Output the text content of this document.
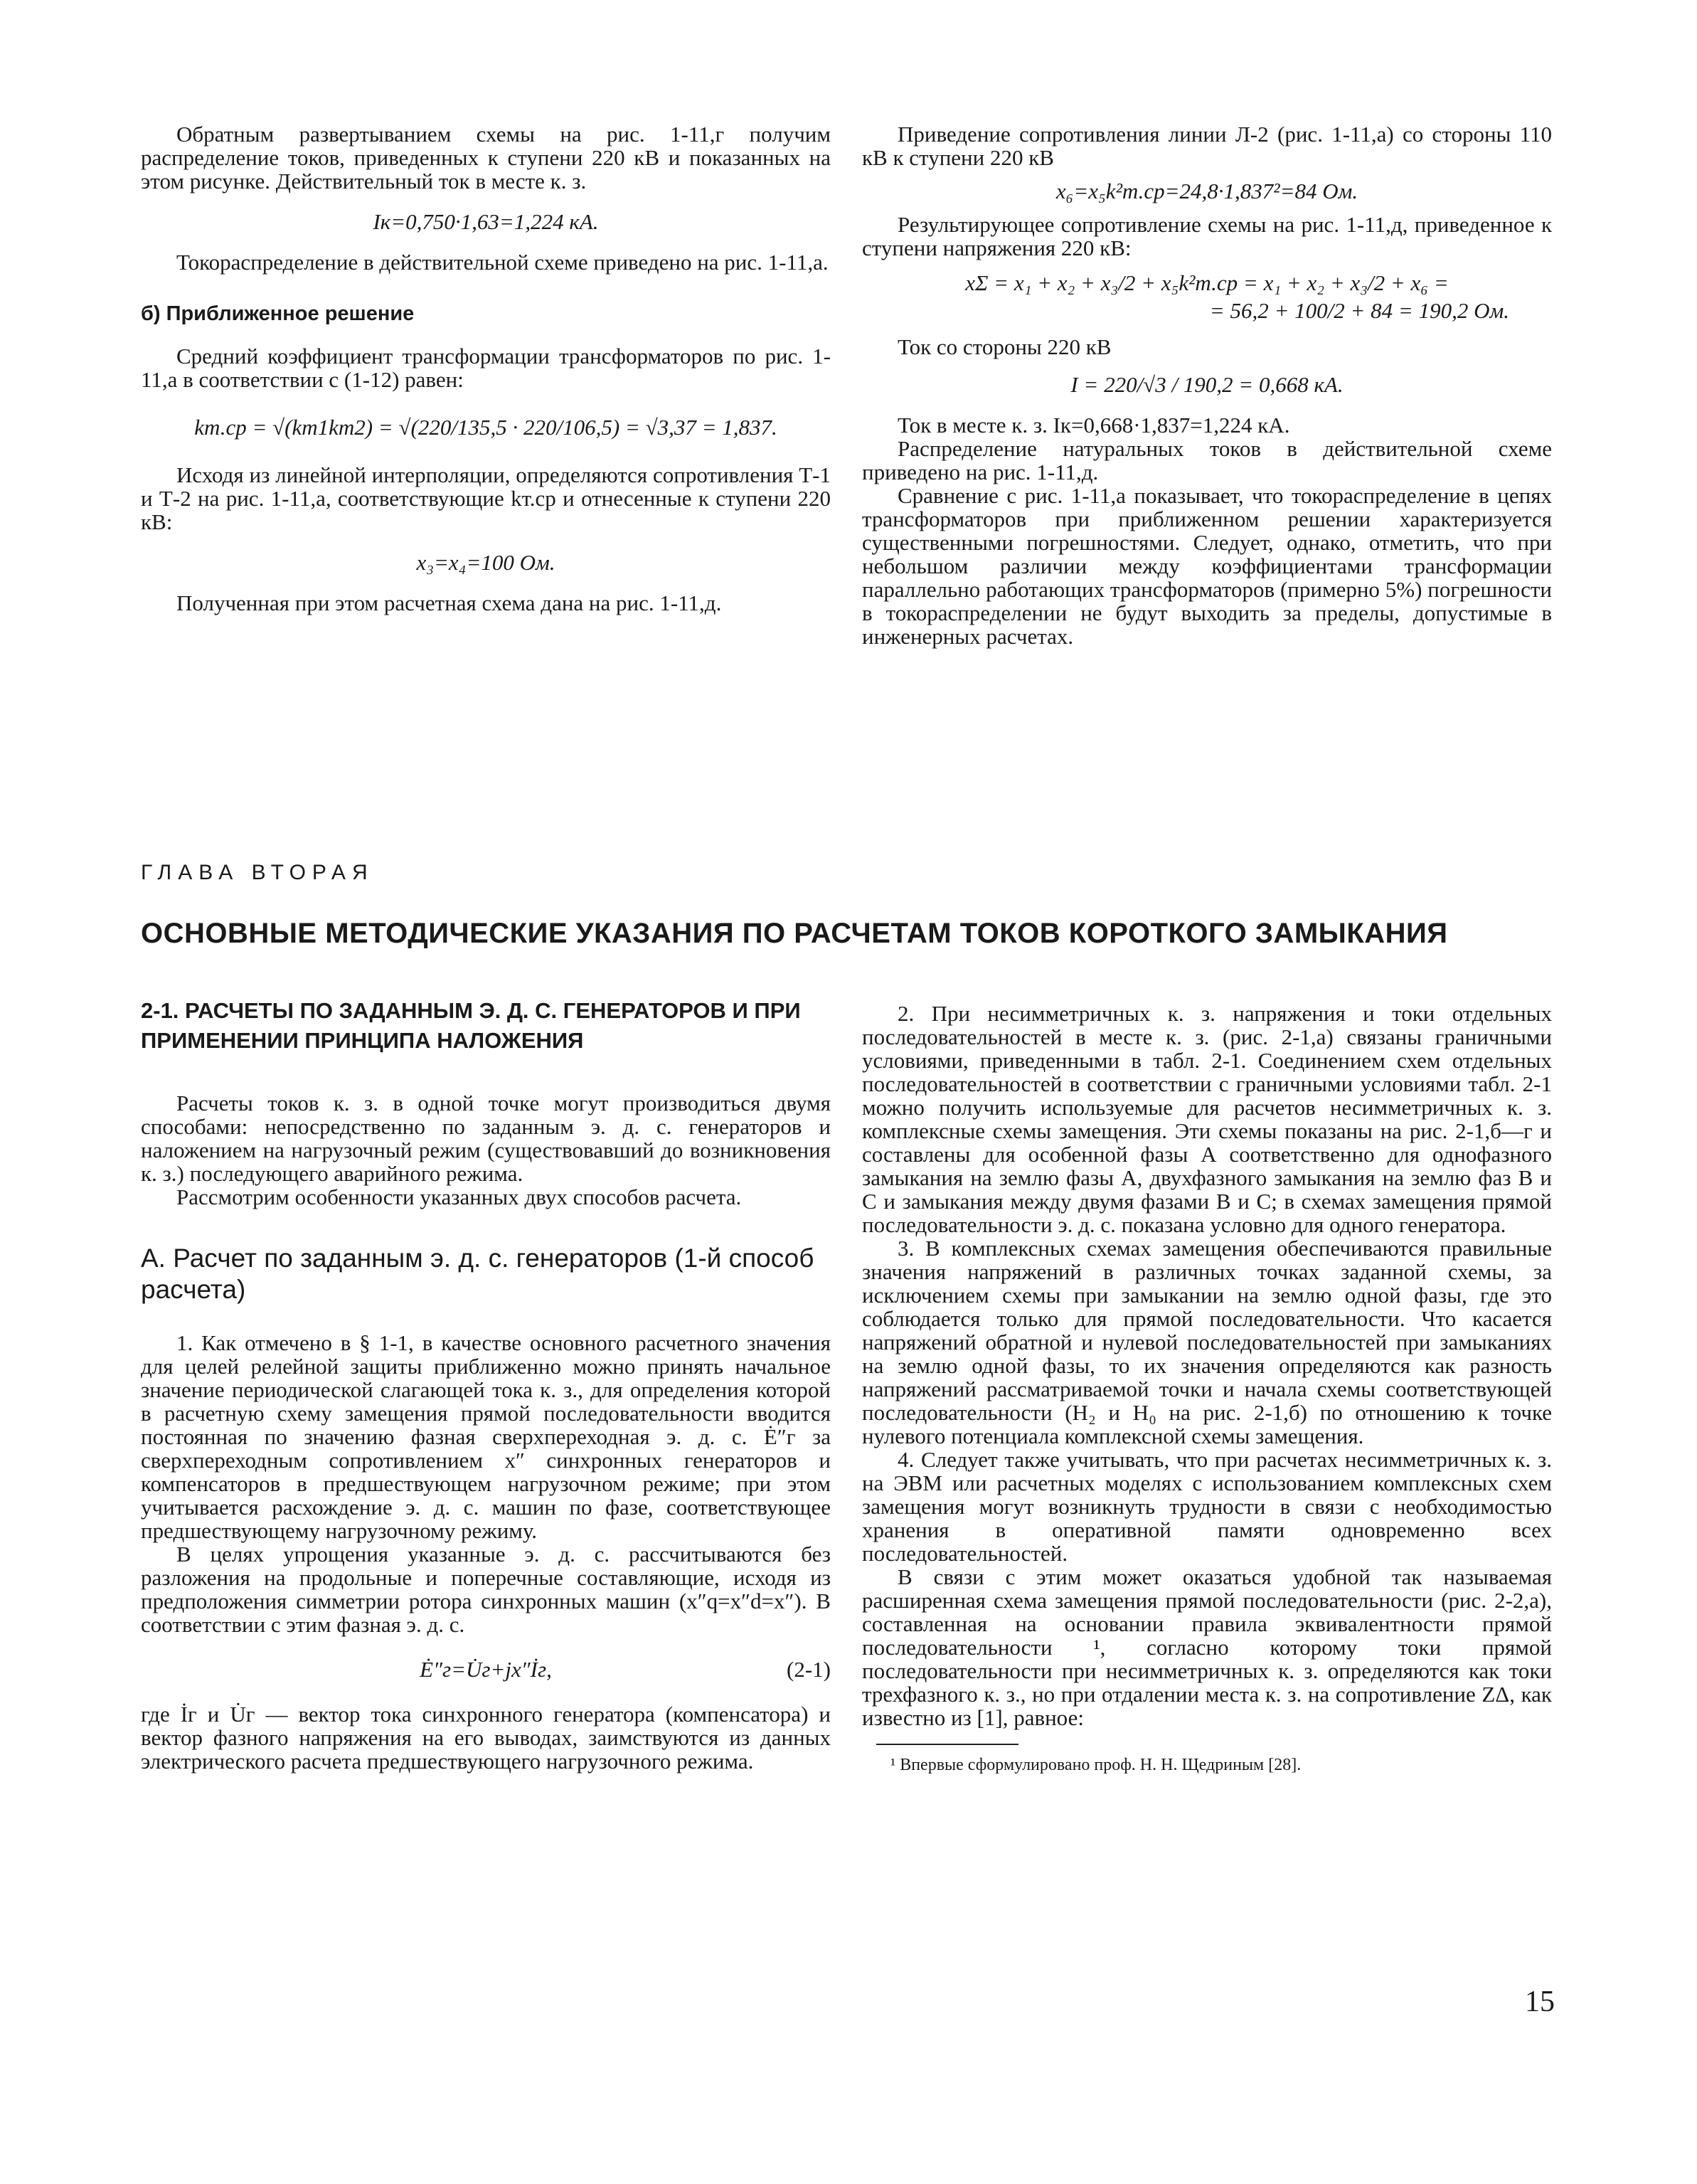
Обратным развертыванием схемы на рис. 1-11,г получим распределение токов, приведенных к ступени 220 кВ и показанных на этом рисунке. Действительный ток в месте к. з.

Iк=0,750·1,63=1,224 кА.

Токораспределение в действительной схеме приведено на рис. 1-11,а.

б) Приближенное решение

Средний коэффициент трансформации трансформаторов по рис. 1-11,а в соответствии с (1-12) равен:

kт.ср = √(kт1kт2) = √(220/135,5 · 220/106,5) = √3,37 = 1,837.

Исходя из линейной интерполяции, определяются сопротивления Т-1 и Т-2 на рис. 1-11,а, соответствующие kт.ср и отнесенные к ступени 220 кВ:

x₃=x₄=100 Ом.

Полученная при этом расчетная схема дана на рис. 1-11,д.

Приведение сопротивления линии Л-2 (рис. 1-11,а) со стороны 110 кВ к ступени 220 кВ

x₆=x₅k²т.ср=24,8·1,837²=84 Ом.

Результирующее сопротивление схемы на рис. 1-11,д, приведенное к ступени напряжения 220 кВ:

xΣ = x₁ + x₂ + x₃/2 + x₅k²т.ср = x₁ + x₂ + x₃/2 + x₆ =
= 56,2 + 100/2 + 84 = 190,2 Ом.

Ток со стороны 220 кВ

I = 220/√3 / 190,2 = 0,668 кА.

Ток в месте к. з. Iк=0,668·1,837=1,224 кА.

Распределение натуральных токов в действительной схеме приведено на рис. 1-11,д.

Сравнение с рис. 1-11,а показывает, что токораспределение в цепях трансформаторов при приближенном решении характеризуется существенными погрешностями. Следует, однако, отметить, что при небольшом различии между коэффициентами трансформации параллельно работающих трансформаторов (примерно 5%) погрешности в токораспределении не будут выходить за пределы, допустимые в инженерных расчетах.

ГЛАВА ВТОРАЯ
ОСНОВНЫЕ МЕТОДИЧЕСКИЕ УКАЗАНИЯ ПО РАСЧЕТАМ ТОКОВ КОРОТКОГО ЗАМЫКАНИЯ
2-1. РАСЧЕТЫ ПО ЗАДАННЫМ Э. Д. С. ГЕНЕРАТОРОВ И ПРИ ПРИМЕНЕНИИ ПРИНЦИПА НАЛОЖЕНИЯ

Расчеты токов к. з. в одной точке могут производиться двумя способами: непосредственно по заданным э. д. с. генераторов и наложением на нагрузочный режим (существовавший до возникновения к. з.) последующего аварийного режима.

Рассмотрим особенности указанных двух способов расчета.

А. Расчет по заданным э. д. с. генераторов (1-й способ расчета)

1. Как отмечено в § 1-1, в качестве основного расчетного значения для целей релейной защиты приближенно можно принять начальное значение периодической слагающей тока к. з., для определения которой в расчетную схему замещения прямой последовательности вводится постоянная по значению фазная сверхпереходная э. д. с. Ė″г за сверхпереходным сопротивлением x″ синхронных генераторов и компенсаторов в предшествующем нагрузочном режиме; при этом учитывается расхождение э. д. с. машин по фазе, соответствующее предшествующему нагрузочному режиму.

В целях упрощения указанные э. д. с. рассчитываются без разложения на продольные и поперечные составляющие, исходя из предположения симметрии ротора синхронных машин (x″q=x″d=x″). В соответствии с этим фазная э. д. с.

Ė″г=U̇г+jx″İг,	(2-1)

где İг и U̇г — вектор тока синхронного генератора (компенсатора) и вектор фазного напряжения на его выводах, заимствуются из данных электрического расчета предшествующего нагрузочного режима.

2. При несимметричных к. з. напряжения и токи отдельных последовательностей в месте к. з. (рис. 2-1,а) связаны граничными условиями, приведенными в табл. 2-1. Соединением схем отдельных последовательностей в соответствии с граничными условиями табл. 2-1 можно получить используемые для расчетов несимметричных к. з. комплексные схемы замещения. Эти схемы показаны на рис. 2-1,б—г и составлены для особенной фазы А соответственно для однофазного замыкания на землю фазы А, двухфазного замыкания на землю фаз В и С и замыкания между двумя фазами В и С; в схемах замещения прямой последовательности э. д. с. показана условно для одного генератора.

3. В комплексных схемах замещения обеспечиваются правильные значения напряжений в различных точках заданной схемы, за исключением схемы при замыкании на землю одной фазы, где это соблюдается только для прямой последовательности. Что касается напряжений обратной и нулевой последовательностей при замыканиях на землю одной фазы, то их значения определяются как разность напряжений рассматриваемой точки и начала схемы соответствующей последовательности (Н₂ и Н₀ на рис. 2-1,б) по отношению к точке нулевого потенциала комплексной схемы замещения.

4. Следует также учитывать, что при расчетах несимметричных к. з. на ЭВМ или расчетных моделях с использованием комплексных схем замещения могут возникнуть трудности в связи с необходимостью хранения в оперативной памяти одновременно всех последовательностей.

В связи с этим может оказаться удобной так называемая расширенная схема замещения прямой последовательности (рис. 2-2,а), составленная на основании правила эквивалентности прямой последовательности ¹, согласно которому токи прямой последовательности при несимметричных к. з. определяются как токи трехфазного к. з., но при отдалении места к. з. на сопротивление ZΔ, как известно из [1], равное:

¹ Впервые сформулировано проф. Н. Н. Щедриным [28].
15
